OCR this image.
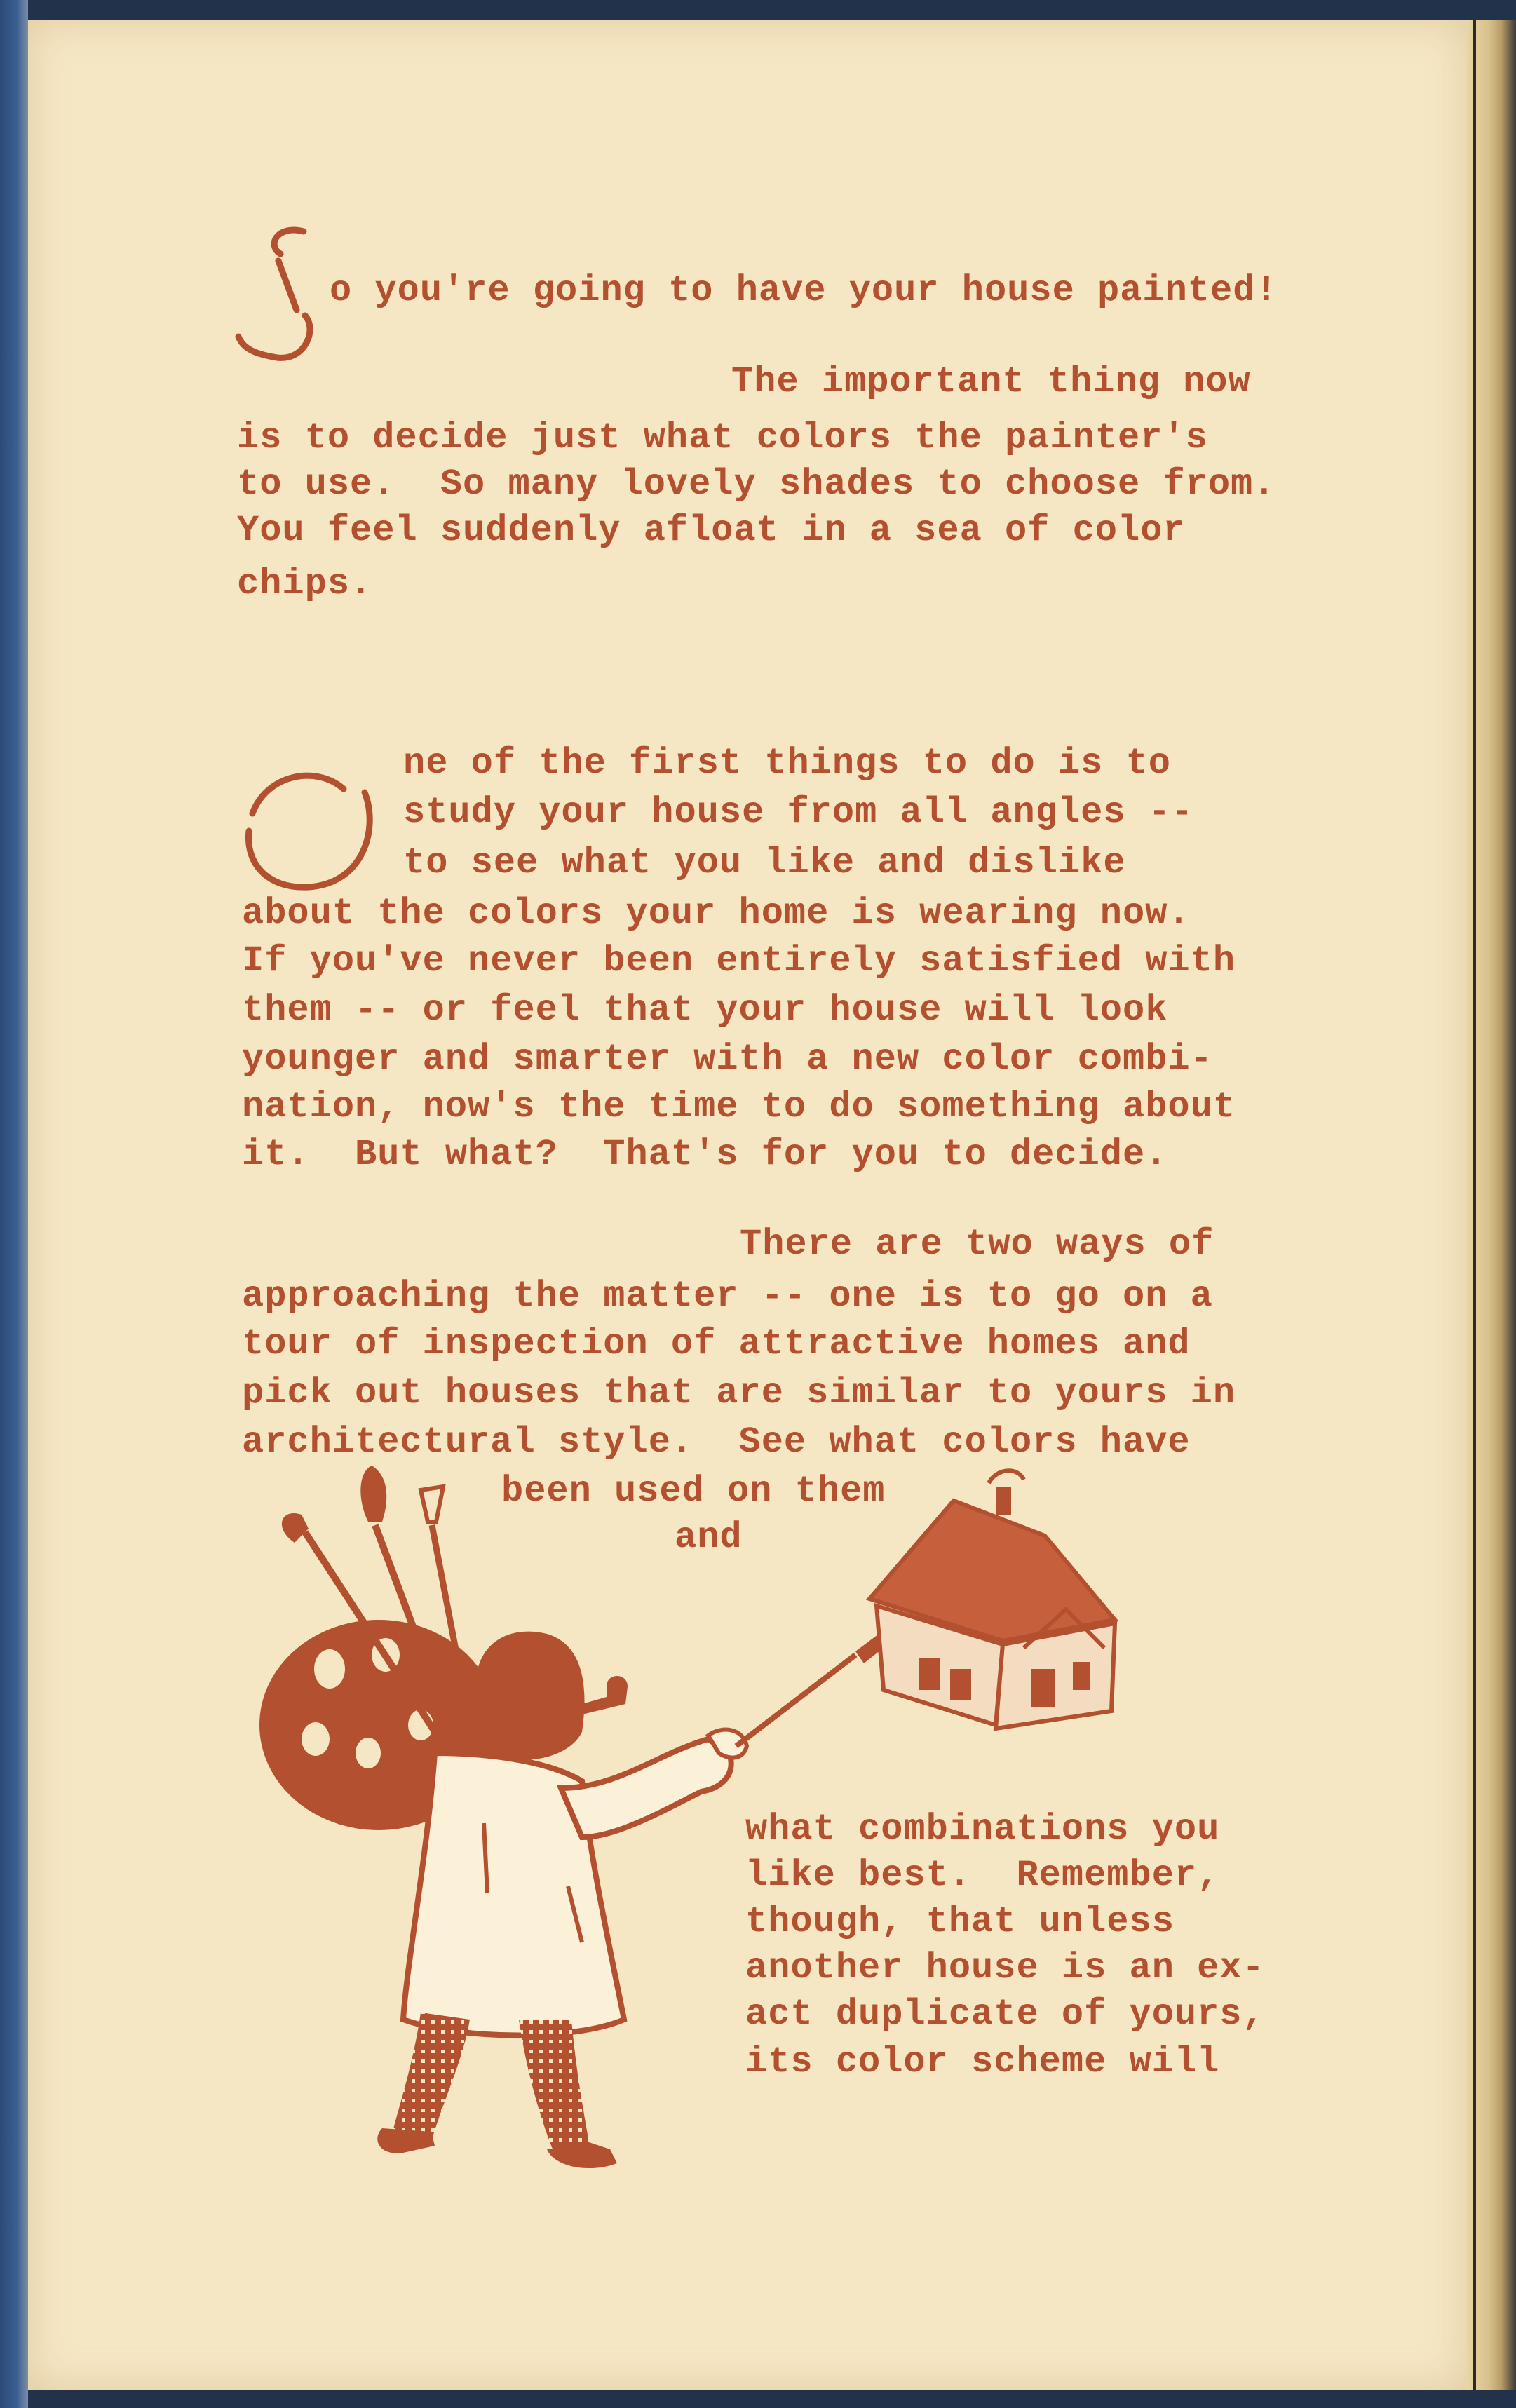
S

o you're going to have your house painted!

The important thing now

is to decide just what colors the painter's

to use.  So many lovely shades to choose from.

You feel suddenly afloat in a sea of color

chips.

O	ne of the first things to do is to

study your house from all angles --

to see what you like and dislike

about the colors your home is wearing now.

If you've never been entirely satisfied with

them -- or feel that your house will look

younger and smarter with a new color combi-

nation, now's the time to do something about

it.  But what?  That's for you to decide.

There are two ways of

approaching the matter -- one is to go on a

tour of inspection of attractive homes and

pick out houses that are similar to yours in

architectural style.  See what colors have

been used on them

and

what combinations you

like best.  Remember,

though, that unless

another house is an ex-

act duplicate of yours,

its color scheme will
